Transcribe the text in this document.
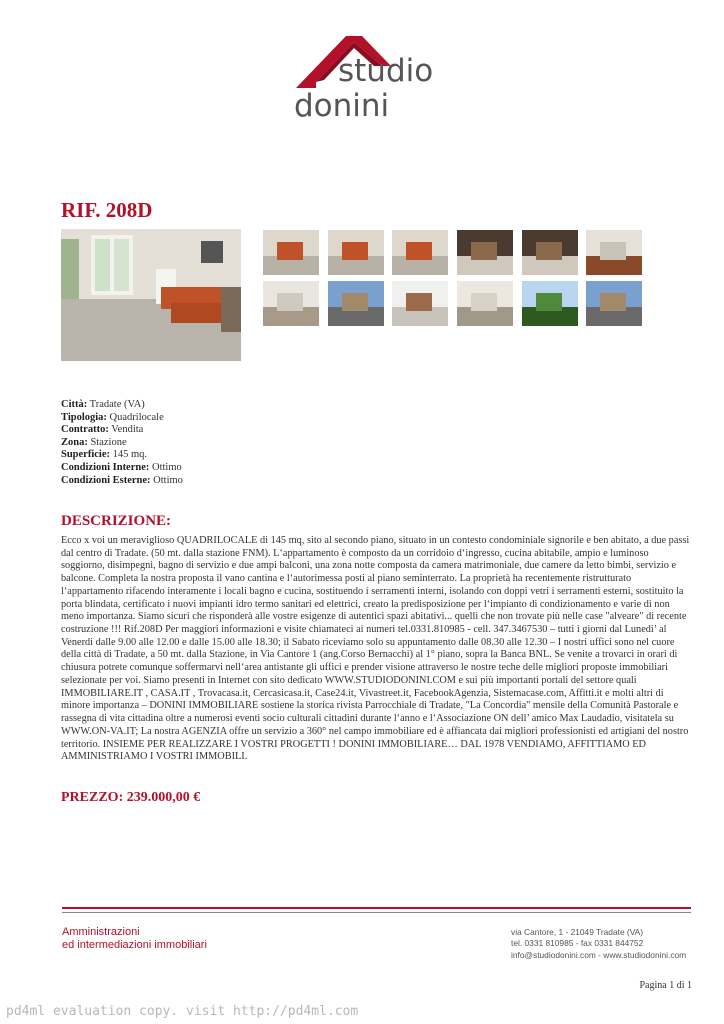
studio
donini
RIF. 208D
Città: Tradate (VA)
Tipologia: Quadrilocale
Contratto: Vendita
Zona: Stazione
Superficie: 145 mq.
Condizioni Interne: Ottimo
Condizioni Esterne: Ottimo
DESCRIZIONE:
Ecco x voi un meraviglioso QUADRILOCALE di 145 mq, sito al secondo piano, situato in un contesto condominiale signorile e ben abitato, a due passi dal centro di Tradate. (50 mt. dalla stazione FNM). L‘appartamento è composto da un corridoio d‘ingresso, cucina abitabile, ampio e luminoso soggiorno, disimpegni, bagno di servizio e due ampi balconi, una zona notte composta da camera matrimoniale, due camere da letto bimbi, servizio e balcone. Completa la nostra proposta il vano cantina e l‘autorimessa posti al piano seminterrato. La proprietà ha recentemente ristrutturato l‘appartamento rifacendo interamente i locali bagno e cucina, sostituendo i serramenti interni, isolando con doppi vetri i serramenti esterni, sostituito la porta blindata, certificato i nuovi impianti idro termo sanitari ed elettrici, creato la predisposizione per l‘impianto di condizionamento e varie di non meno importanza. Siamo sicuri che risponderà alle vostre esigenze di autentici spazi abitativi... quelli che non trovate più nelle case "alveare" di recente costruzione !!! Rif.208D Per maggiori informazioni e visite chiamateci ai numeri tel.0331.810985 - cell. 347.3467530 – tutti i giorni dal Lunedi’ al Venerdi dalle 9.00 alle 12.00 e dalle 15.00 alle 18.30; il Sabato riceviamo solo su appuntamento dalle 08.30 alle 12.30 – I nostri uffici sono nel cuore della città di Tradate, a 50 mt. dalla Stazione, in Via Cantore 1 (ang.Corso Bernacchi) al 1° piano, sopra la Banca BNL. Se venite a trovarci in orari di chiusura potrete comunque soffermarvi nell‘area antistante gli uffici e prender visione attraverso le nostre teche delle migliori proposte immobiliari selezionate per voi. Siamo presenti in Internet con sito dedicato WWW.STUDIODONINI.COM e sui più importanti portali del settore quali IMMOBILIARE.IT , CASA.IT , Trovacasa.it, Cercasicasa.it, Case24.it, Vivastreet.it, FacebookAgenzia, Sistemacase.com, Affitti.it e molti altri di minore importanza – DONINI IMMOBILIARE sostiene la storica rivista Parrocchiale di Tradate, "La Concordia" mensile della Comunità Pastorale e rassegna di vita cittadina oltre a numerosi eventi socio culturali cittadini durante l‘anno e l‘Associazione ON dell’ amico Max Laudadio, visitatela su WWW.ON-VA.IT; La nostra AGENZIA offre un servizio a 360° nel campo immobiliare ed è affiancata dai migliori professionisti ed artigiani del nostro territorio. INSIEME PER REALIZZARE I VOSTRI PROGETTI ! DONINI IMMOBILIARE… DAL 1978 VENDIAMO, AFFITTIAMO ED AMMINISTRIAMO I VOSTRI IMMOBILI.
PREZZO: 239.000,00 €
Amministrazioni
ed intermediazioni immobiliari
via Cantore, 1 - 21049 Tradate (VA)
tel. 0331 810985 - fax 0331 844752
info@studiodonini.com - www.studiodonini.com
Pagina 1 di 1
pd4ml evaluation copy. visit http://pd4ml.com
